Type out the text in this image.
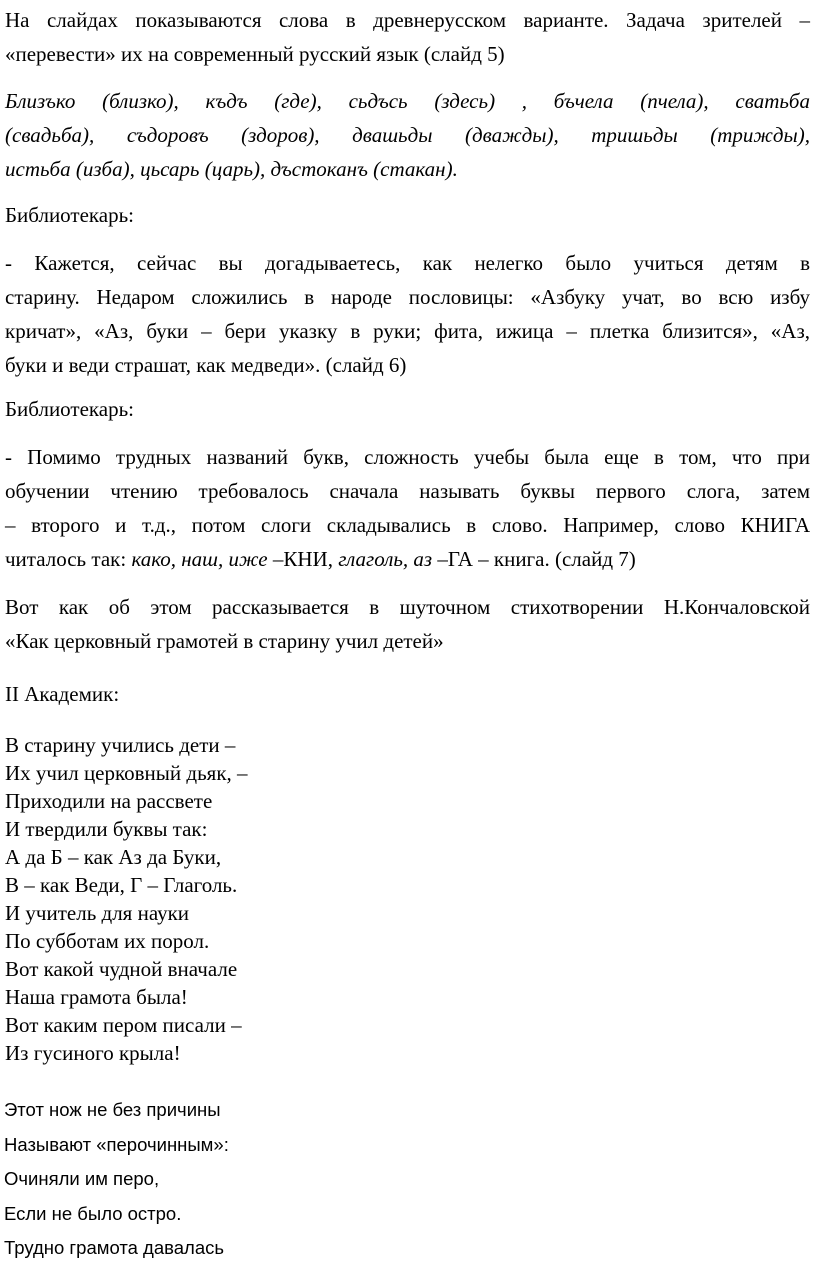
На слайдах показываются слова в древнерусском варианте. Задача зрителей –

«перевести» их на современный русский язык (слайд 5)

Близъко (близко), къдъ (где), сьдъсь (здесь) , бъчела (пчела), сватьба

(свадьба), съдоровъ (здоров), двашьды (дважды), тришьды (трижды),

истьба (изба), цьсарь (царь), дъстоканъ (стакан).

Библиотекарь:

- Кажется, сейчас вы догадываетесь, как нелегко было учиться детям в

старину. Недаром сложились в народе пословицы: «Азбуку учат, во всю избу

кричат», «Аз, буки – бери указку в руки; фита, ижица – плетка близится», «Аз,

буки и веди страшат, как медведи». (слайд 6)

Библиотекарь:

- Помимо трудных названий букв, сложность учебы была еще в том, что при

обучении чтению требовалось сначала называть буквы первого слога, затем

– второго и т.д., потом слоги складывались в слово. Например, слово КНИГА

читалось так: како, наш, иже –КНИ, глаголь, аз –ГА – книга. (слайд 7)

Вот как об этом рассказывается в шуточном стихотворении Н.Кончаловской

«Как церковный грамотей в старину учил детей»

II Академик:

В старину учились дети –

Их учил церковный дьяк, –

Приходили на рассвете

И твердили буквы так:

А да Б – как Аз да Буки,

В – как Веди, Г – Глаголь.

И учитель для науки

По субботам их порол.

Вот какой чудной вначале

Наша грамота была!

Вот каким пером писали –

Из гусиного крыла!

Этот нож не без причины

Называют «перочинным»:

Очиняли им перо,

Если не было остро.

Трудно грамота давалась
